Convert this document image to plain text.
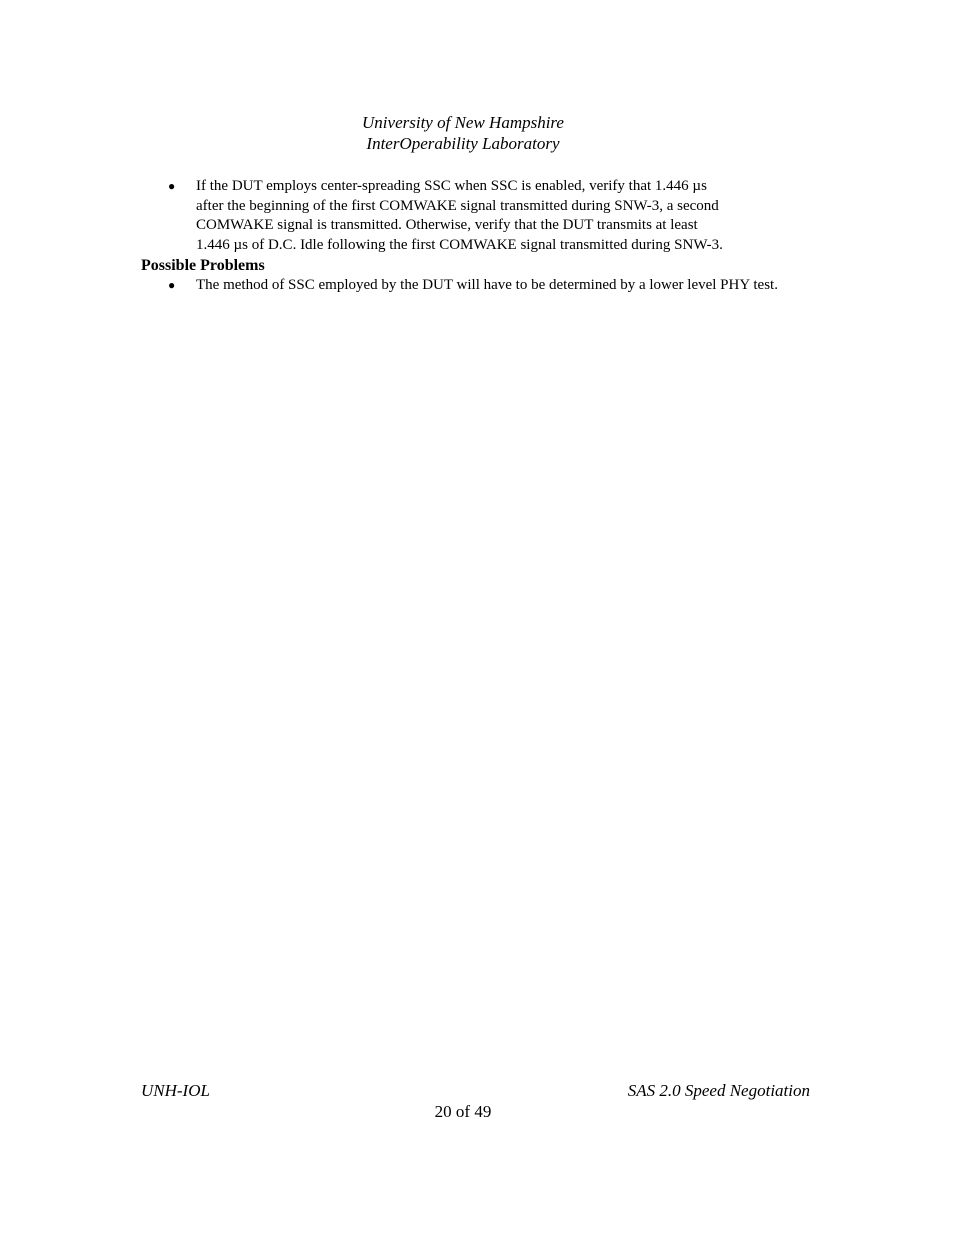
University of New Hampshire
InterOperability Laboratory
● If the DUT employs center-spreading SSC when SSC is enabled, verify that 1.446 µs
after the beginning of the first COMWAKE signal transmitted during SNW-3, a second
COMWAKE signal is transmitted. Otherwise, verify that the DUT transmits at least
1.446 µs of D.C. Idle following the first COMWAKE signal transmitted during SNW-3.
Possible Problems
● The method of SSC employed by the DUT will have to be determined by a lower level PHY test.
UNH-IOL	SAS 2.0 Speed Negotiation
20 of 49
